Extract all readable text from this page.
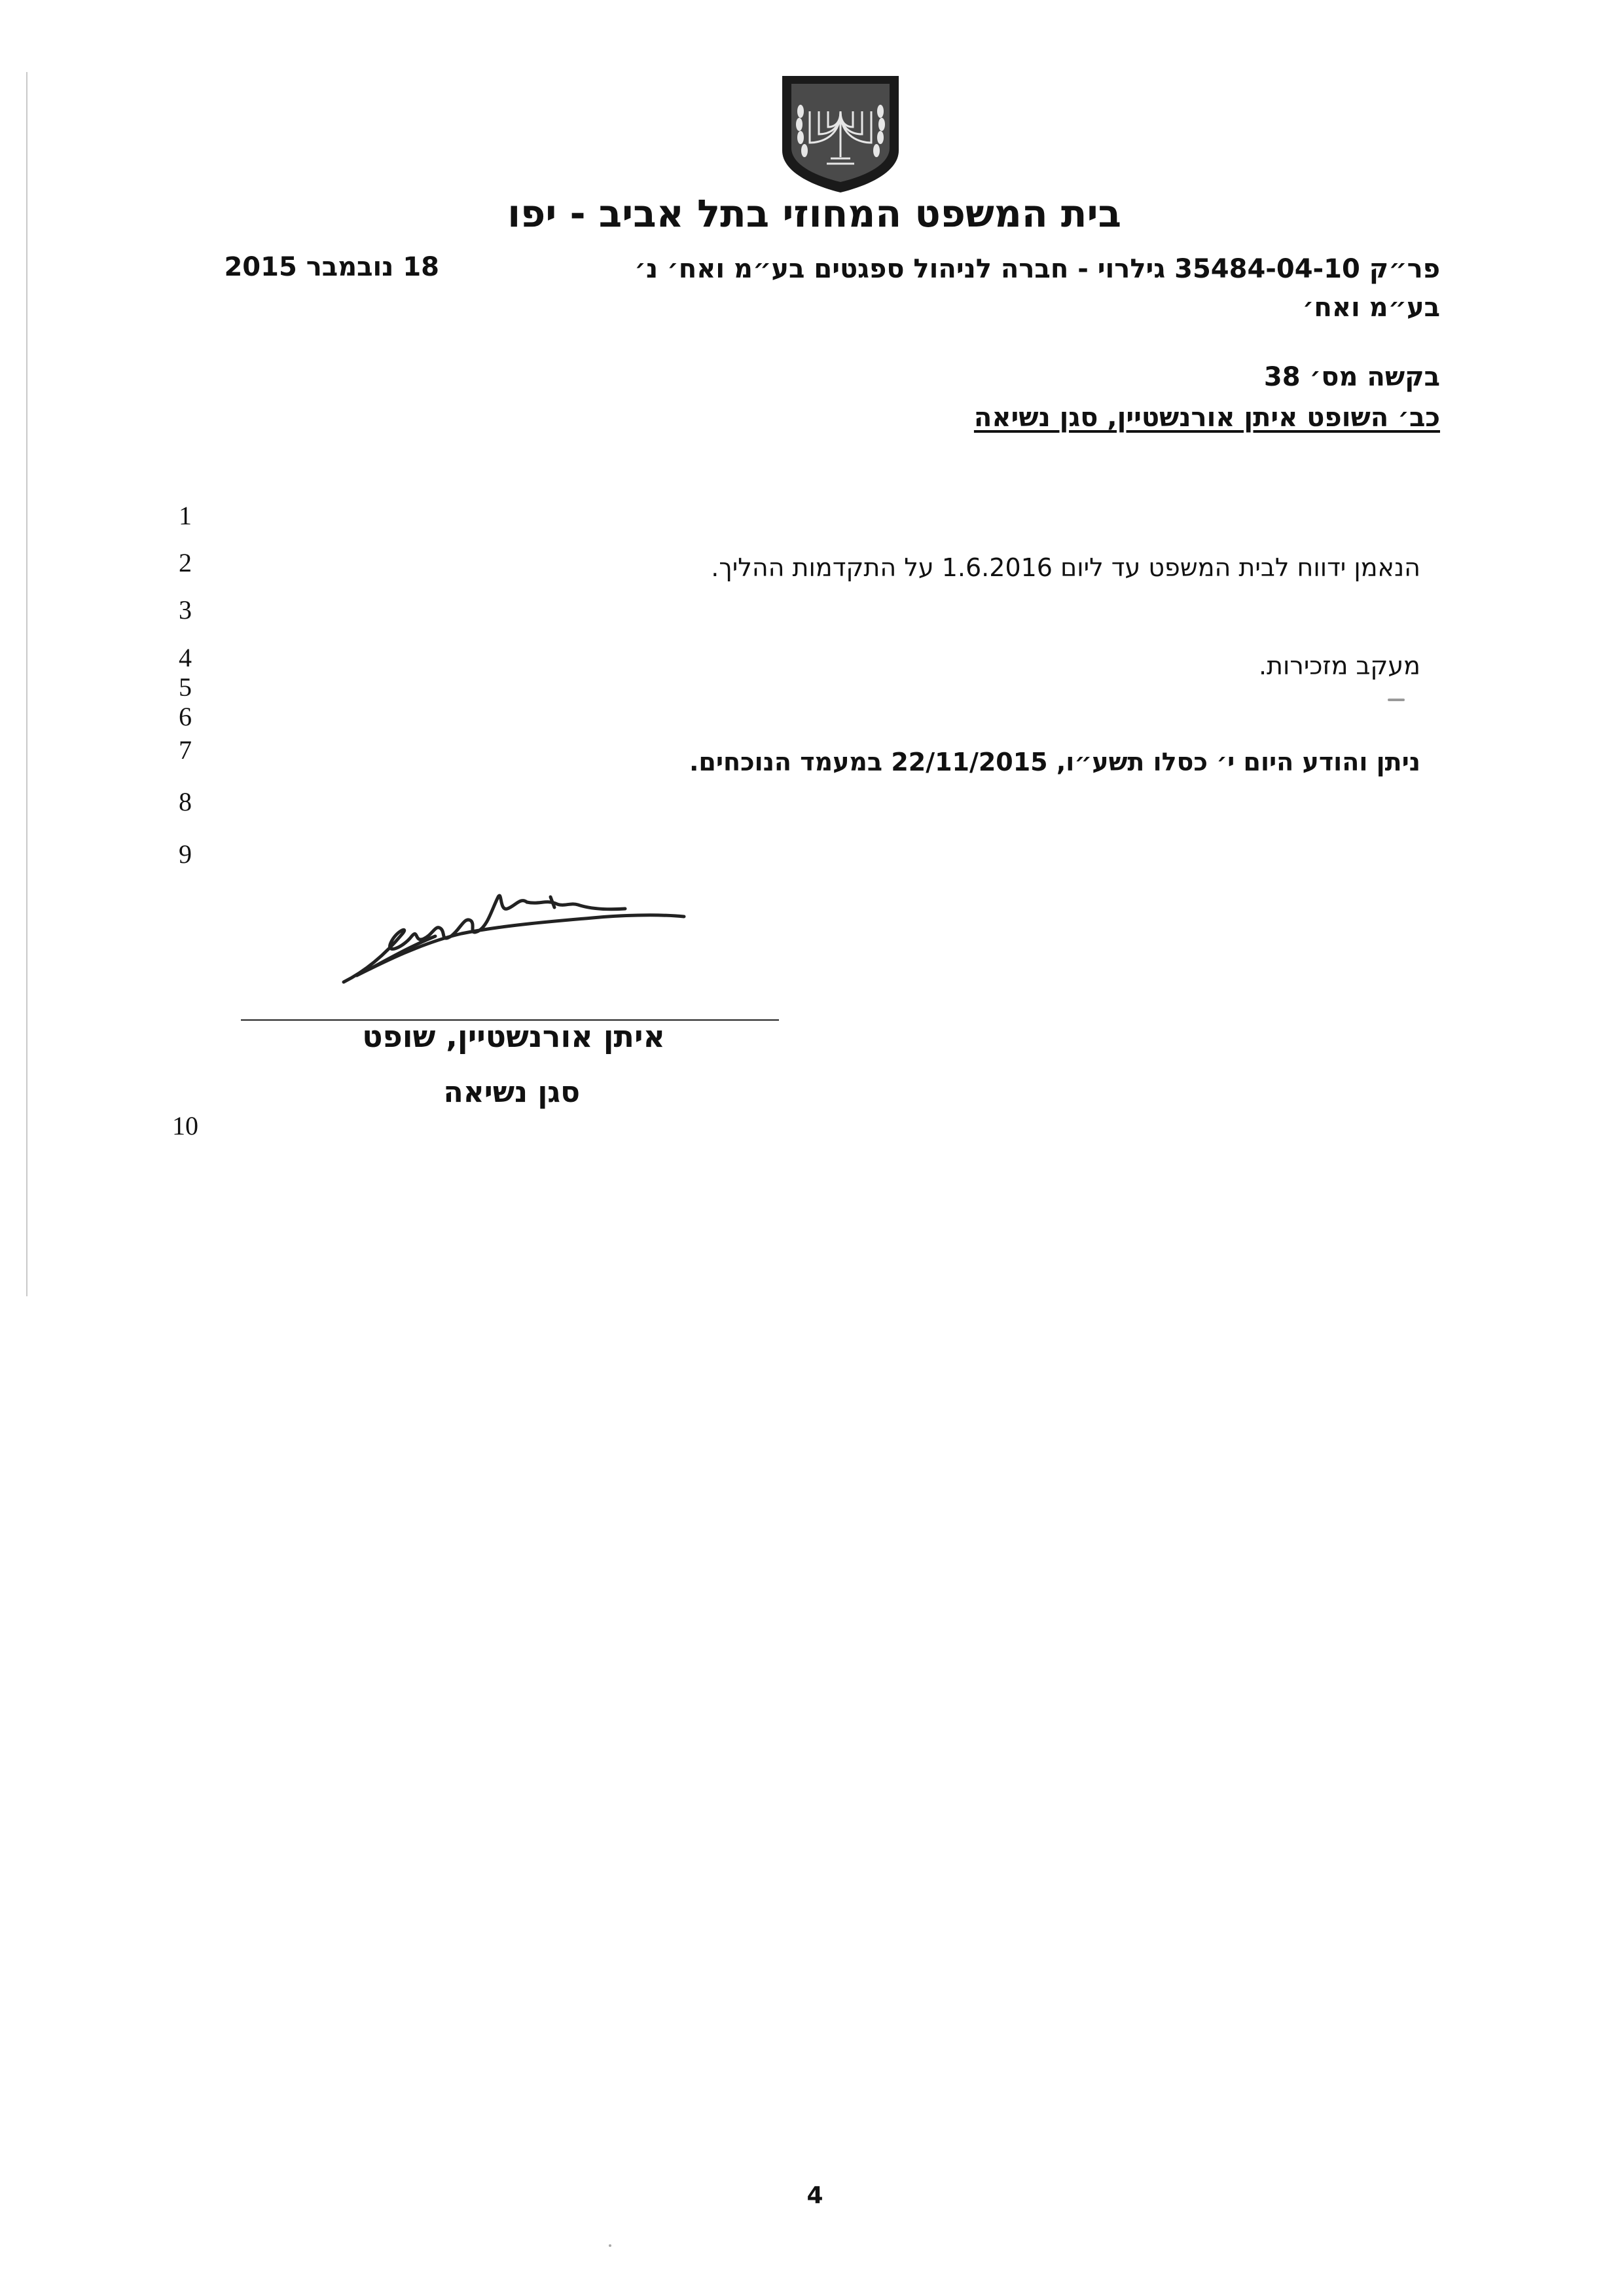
בית המשפט המחוזי בתל אביב - יפו
פר״ק 35484-04-10 גילרוי - חברה לניהול ספגטים בע״מ ואח׳ נ׳
בע״מ ואח׳
18 נובמבר 2015
בקשה מס׳ 38
כב׳ השופט איתן אורנשטיין, סגן נשיאה
1
2
3
4
5
6
7
8
9
10
הנאמן ידווח לבית המשפט עד ליום 1.6.2016 על התקדמות ההליך.
מעקב מזכירות.
ניתן והודע היום י׳ כסלו תשע״ו, 22/11/2015 במעמד הנוכחים.
איתן אורנשטיין, שופט
סגן נשיאה
4
